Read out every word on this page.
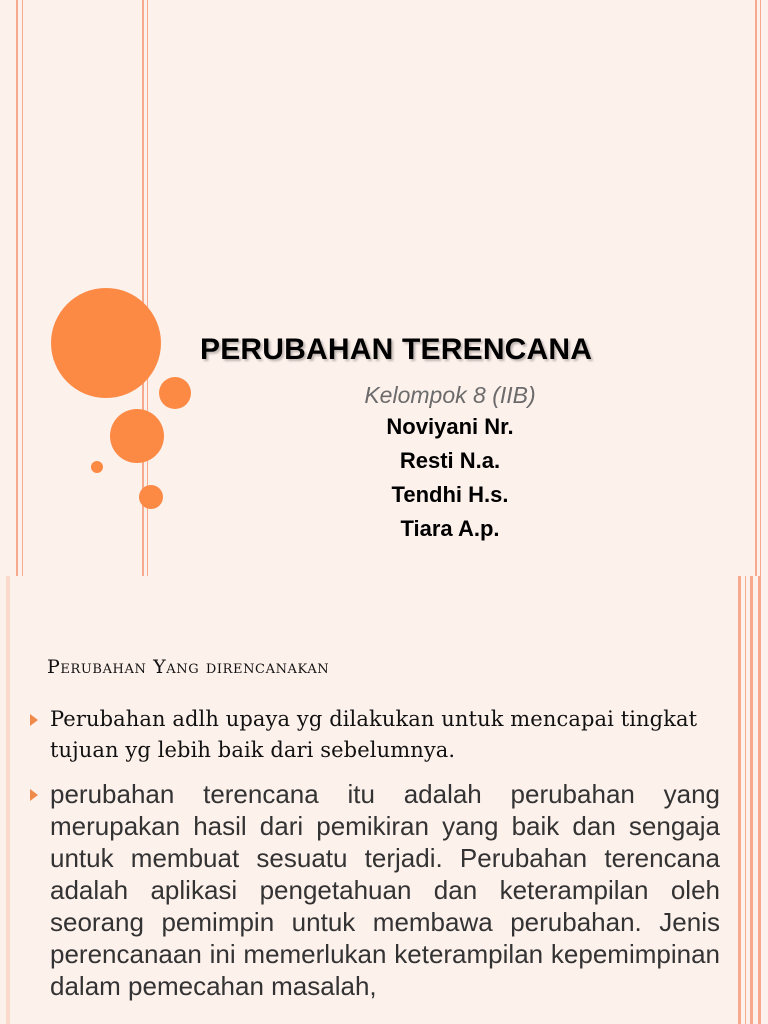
PERUBAHAN TERENCANA
Kelompok 8 (IIB)
Noviyani Nr.
Resti N.a.
Tendhi H.s.
Tiara A.p.
Perubahan Yang direncanakan
Perubahan adlh upaya yg dilakukan untuk mencapai tingkat tujuan yg lebih baik dari sebelumnya.
perubahan terencana itu adalah perubahan yang merupakan hasil dari pemikiran yang baik dan sengaja untuk membuat sesuatu terjadi. Perubahan terencana adalah aplikasi pengetahuan dan keterampilan oleh seorang pemimpin untuk membawa perubahan. Jenis perencanaan ini memerlukan keterampilan kepemimpinan dalam pemecahan masalah,
